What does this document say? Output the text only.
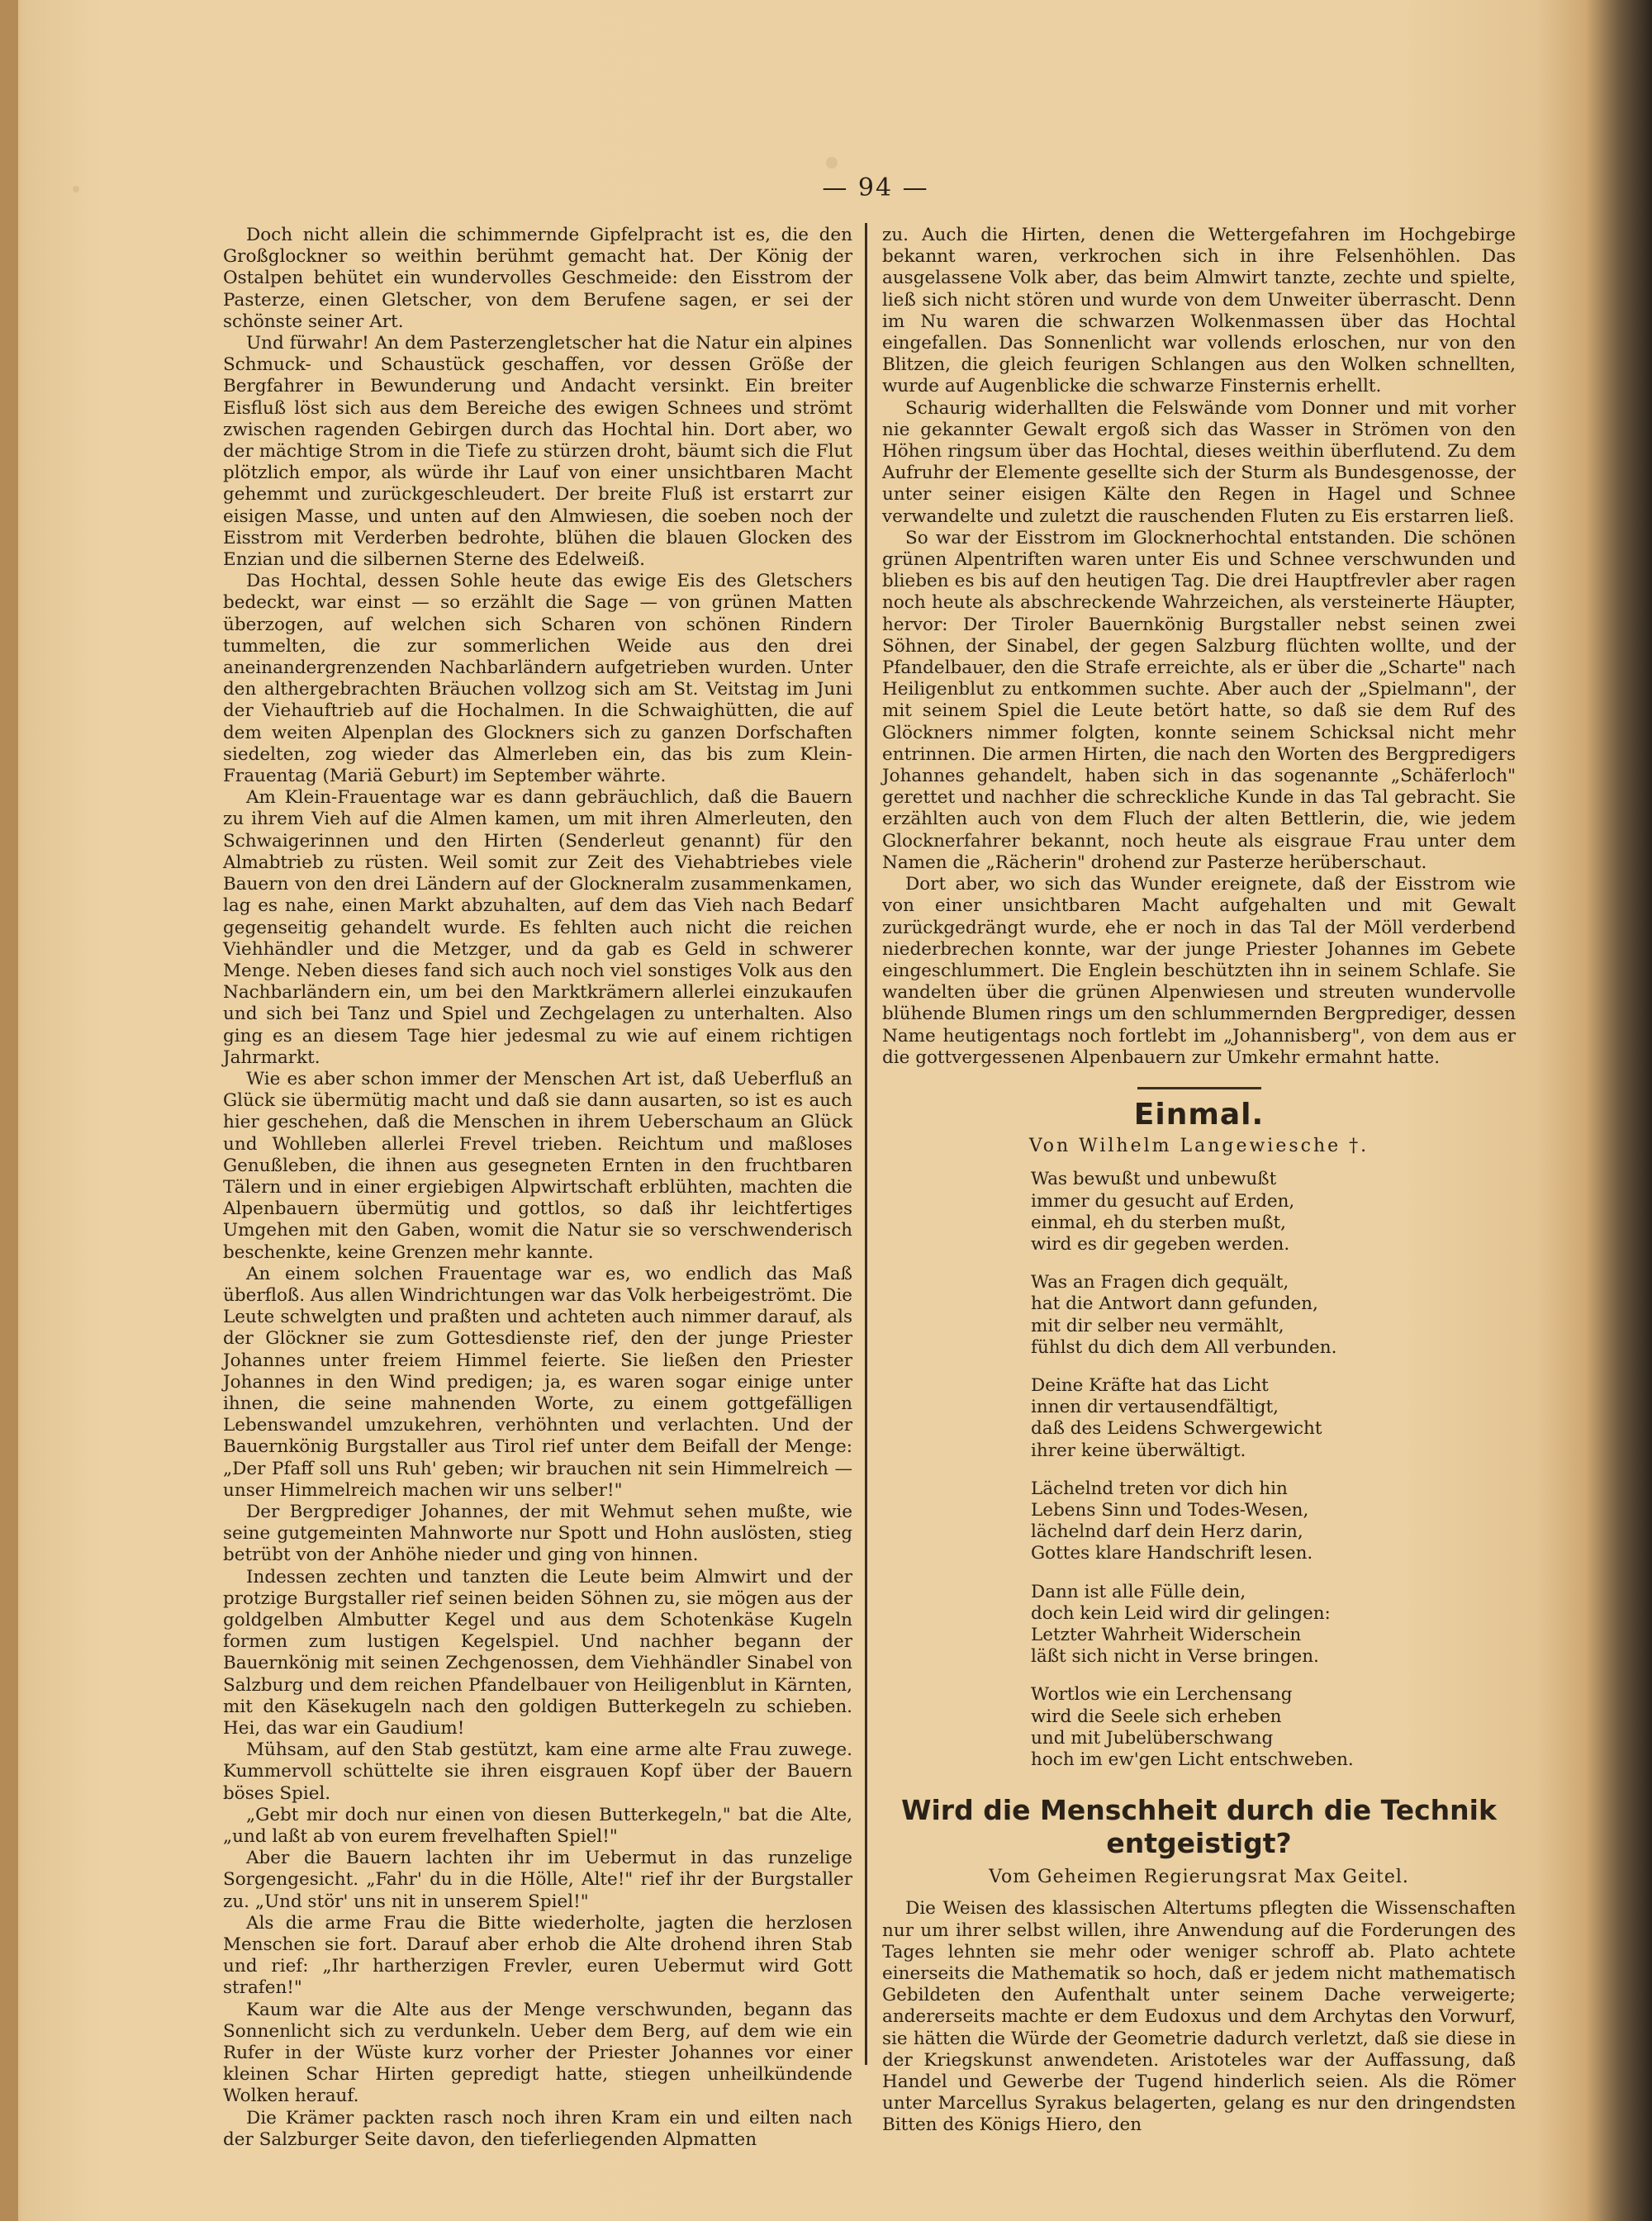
— 94 —

Doch nicht allein die schimmernde Gipfelpracht ist es, die den Großglockner so weithin berühmt gemacht hat. Der König der Ostalpen behütet ein wundervolles Geschmeide: den Eisstrom der Pasterze, einen Gletscher, von dem Berufene sagen, er sei der schönste seiner Art.

Und fürwahr! An dem Pasterzengletscher hat die Natur ein alpines Schmuck- und Schaustück geschaffen, vor dessen Größe der Bergfahrer in Bewunderung und Andacht versinkt. Ein breiter Eisfluß löst sich aus dem Bereiche des ewigen Schnees und strömt zwischen ragenden Gebirgen durch das Hochtal hin. Dort aber, wo der mächtige Strom in die Tiefe zu stürzen droht, bäumt sich die Flut plötzlich empor, als würde ihr Lauf von einer unsichtbaren Macht gehemmt und zurückgeschleudert. Der breite Fluß ist erstarrt zur eisigen Masse, und unten auf den Almwiesen, die soeben noch der Eisstrom mit Verderben bedrohte, blühen die blauen Glocken des Enzian und die silbernen Sterne des Edelweiß.

Das Hochtal, dessen Sohle heute das ewige Eis des Gletschers bedeckt, war einst — so erzählt die Sage — von grünen Matten überzogen, auf welchen sich Scharen von schönen Rindern tummelten, die zur sommerlichen Weide aus den drei aneinandergrenzenden Nachbarländern aufgetrieben wurden. Unter den althergebrachten Bräuchen vollzog sich am St. Veitstag im Juni der Viehauftrieb auf die Hochalmen. In die Schwaighütten, die auf dem weiten Alpenplan des Glockners sich zu ganzen Dorfschaften siedelten, zog wieder das Almerleben ein, das bis zum Klein-Frauentag (Mariä Geburt) im September währte.

Am Klein-Frauentage war es dann gebräuchlich, daß die Bauern zu ihrem Vieh auf die Almen kamen, um mit ihren Almerleuten, den Schwaigerinnen und den Hirten (Senderleut genannt) für den Almabtrieb zu rüsten. Weil somit zur Zeit des Viehabtriebes viele Bauern von den drei Ländern auf der Glockneralm zusammenkamen, lag es nahe, einen Markt abzuhalten, auf dem das Vieh nach Bedarf gegenseitig gehandelt wurde. Es fehlten auch nicht die reichen Viehhändler und die Metzger, und da gab es Geld in schwerer Menge. Neben dieses fand sich auch noch viel sonstiges Volk aus den Nachbarländern ein, um bei den Marktkrämern allerlei einzukaufen und sich bei Tanz und Spiel und Zechgelagen zu unterhalten. Also ging es an diesem Tage hier jedesmal zu wie auf einem richtigen Jahrmarkt.

Wie es aber schon immer der Menschen Art ist, daß Ueberfluß an Glück sie übermütig macht und daß sie dann ausarten, so ist es auch hier geschehen, daß die Menschen in ihrem Ueberschaum an Glück und Wohlleben allerlei Frevel trieben. Reichtum und maßloses Genußleben, die ihnen aus gesegneten Ernten in den fruchtbaren Tälern und in einer ergiebigen Alpwirtschaft erblühten, machten die Alpenbauern übermütig und gottlos, so daß ihr leichtfertiges Umgehen mit den Gaben, womit die Natur sie so verschwenderisch beschenkte, keine Grenzen mehr kannte.

An einem solchen Frauentage war es, wo endlich das Maß überfloß. Aus allen Windrichtungen war das Volk herbeigeströmt. Die Leute schwelgten und praßten und achteten auch nimmer darauf, als der Glöckner sie zum Gottesdienste rief, den der junge Priester Johannes unter freiem Himmel feierte. Sie ließen den Priester Johannes in den Wind predigen; ja, es waren sogar einige unter ihnen, die seine mahnenden Worte, zu einem gottgefälligen Lebenswandel umzukehren, verhöhnten und verlachten. Und der Bauernkönig Burgstaller aus Tirol rief unter dem Beifall der Menge: „Der Pfaff soll uns Ruh' geben; wir brauchen nit sein Himmelreich — unser Himmelreich machen wir uns selber!"

Der Bergprediger Johannes, der mit Wehmut sehen mußte, wie seine gutgemeinten Mahnworte nur Spott und Hohn auslösten, stieg betrübt von der Anhöhe nieder und ging von hinnen.

Indessen zechten und tanzten die Leute beim Almwirt und der protzige Burgstaller rief seinen beiden Söhnen zu, sie mögen aus der goldgelben Almbutter Kegel und aus dem Schotenkäse Kugeln formen zum lustigen Kegelspiel. Und nachher begann der Bauernkönig mit seinen Zechgenossen, dem Viehhändler Sinabel von Salzburg und dem reichen Pfandelbauer von Heiligenblut in Kärnten, mit den Käsekugeln nach den goldigen Butterkegeln zu schieben. Hei, das war ein Gaudium!

Mühsam, auf den Stab gestützt, kam eine arme alte Frau zuwege. Kummervoll schüttelte sie ihren eisgrauen Kopf über der Bauern böses Spiel.

„Gebt mir doch nur einen von diesen Butterkegeln," bat die Alte, „und laßt ab von eurem frevelhaften Spiel!"

Aber die Bauern lachten ihr im Uebermut in das runzelige Sorgengesicht. „Fahr' du in die Hölle, Alte!" rief ihr der Burgstaller zu. „Und stör' uns nit in unserem Spiel!"

Als die arme Frau die Bitte wiederholte, jagten die herzlosen Menschen sie fort. Darauf aber erhob die Alte drohend ihren Stab und rief: „Ihr hartherzigen Frevler, euren Uebermut wird Gott strafen!"

Kaum war die Alte aus der Menge verschwunden, begann das Sonnenlicht sich zu verdunkeln. Ueber dem Berg, auf dem wie ein Rufer in der Wüste kurz vorher der Priester Johannes vor einer kleinen Schar Hirten gepredigt hatte, stiegen unheilkündende Wolken herauf.

Die Krämer packten rasch noch ihren Kram ein und eilten nach der Salzburger Seite davon, den tieferliegenden Alpmatten

zu. Auch die Hirten, denen die Wettergefahren im Hochgebirge bekannt waren, verkrochen sich in ihre Felsenhöhlen. Das ausgelassene Volk aber, das beim Almwirt tanzte, zechte und spielte, ließ sich nicht stören und wurde von dem Unweiter überrascht. Denn im Nu waren die schwarzen Wolkenmassen über das Hochtal eingefallen. Das Sonnenlicht war vollends erloschen, nur von den Blitzen, die gleich feurigen Schlangen aus den Wolken schnellten, wurde auf Augenblicke die schwarze Finsternis erhellt.

Schaurig widerhallten die Felswände vom Donner und mit vorher nie gekannter Gewalt ergoß sich das Wasser in Strömen von den Höhen ringsum über das Hochtal, dieses weithin überflutend. Zu dem Aufruhr der Elemente gesellte sich der Sturm als Bundesgenosse, der unter seiner eisigen Kälte den Regen in Hagel und Schnee verwandelte und zuletzt die rauschenden Fluten zu Eis erstarren ließ.

So war der Eisstrom im Glocknerhochtal entstanden. Die schönen grünen Alpentriften waren unter Eis und Schnee verschwunden und blieben es bis auf den heutigen Tag. Die drei Hauptfrevler aber ragen noch heute als abschreckende Wahrzeichen, als versteinerte Häupter, hervor: Der Tiroler Bauernkönig Burgstaller nebst seinen zwei Söhnen, der Sinabel, der gegen Salzburg flüchten wollte, und der Pfandelbauer, den die Strafe erreichte, als er über die „Scharte" nach Heiligenblut zu entkommen suchte. Aber auch der „Spielmann", der mit seinem Spiel die Leute betört hatte, so daß sie dem Ruf des Glöckners nimmer folgten, konnte seinem Schicksal nicht mehr entrinnen. Die armen Hirten, die nach den Worten des Bergpredigers Johannes gehandelt, haben sich in das sogenannte „Schäferloch" gerettet und nachher die schreckliche Kunde in das Tal gebracht. Sie erzählten auch von dem Fluch der alten Bettlerin, die, wie jedem Glocknerfahrer bekannt, noch heute als eisgraue Frau unter dem Namen die „Rächerin" drohend zur Pasterze herüberschaut.

Dort aber, wo sich das Wunder ereignete, daß der Eisstrom wie von einer unsichtbaren Macht aufgehalten und mit Gewalt zurückgedrängt wurde, ehe er noch in das Tal der Möll verderbend niederbrechen konnte, war der junge Priester Johannes im Gebete eingeschlummert. Die Englein beschützten ihn in seinem Schlafe. Sie wandelten über die grünen Alpenwiesen und streuten wundervolle blühende Blumen rings um den schlummernden Bergprediger, dessen Name heutigentags noch fortlebt im „Johannisberg", von dem aus er die gottvergessenen Alpenbauern zur Umkehr ermahnt hatte.

Einmal.
Von Wilhelm Langewiesche †.
Was bewußt und unbewußt
immer du gesucht auf Erden,
einmal, eh du sterben mußt,
wird es dir gegeben werden.
Was an Fragen dich gequält,
hat die Antwort dann gefunden,
mit dir selber neu vermählt,
fühlst du dich dem All verbunden.
Deine Kräfte hat das Licht
innen dir vertausendfältigt,
daß des Leidens Schwergewicht
ihrer keine überwältigt.
Lächelnd treten vor dich hin
Lebens Sinn und Todes-Wesen,
lächelnd darf dein Herz darin,
Gottes klare Handschrift lesen.
Dann ist alle Fülle dein,
doch kein Leid wird dir gelingen:
Letzter Wahrheit Widerschein
läßt sich nicht in Verse bringen.
Wortlos wie ein Lerchensang
wird die Seele sich erheben
und mit Jubelüberschwang
hoch im ew'gen Licht entschweben.
Wird die Menschheit durch die Technik entgeistigt?
Vom Geheimen Regierungsrat Max Geitel.

Die Weisen des klassischen Altertums pflegten die Wissenschaften nur um ihrer selbst willen, ihre Anwendung auf die Forderungen des Tages lehnten sie mehr oder weniger schroff ab. Plato achtete einerseits die Mathematik so hoch, daß er jedem nicht mathematisch Gebildeten den Aufenthalt unter seinem Dache verweigerte; andererseits machte er dem Eudoxus und dem Archytas den Vorwurf, sie hätten die Würde der Geometrie dadurch verletzt, daß sie diese in der Kriegskunst anwendeten. Aristoteles war der Auffassung, daß Handel und Gewerbe der Tugend hinderlich seien. Als die Römer unter Marcellus Syrakus belagerten, gelang es nur den dringendsten Bitten des Königs Hiero, den
